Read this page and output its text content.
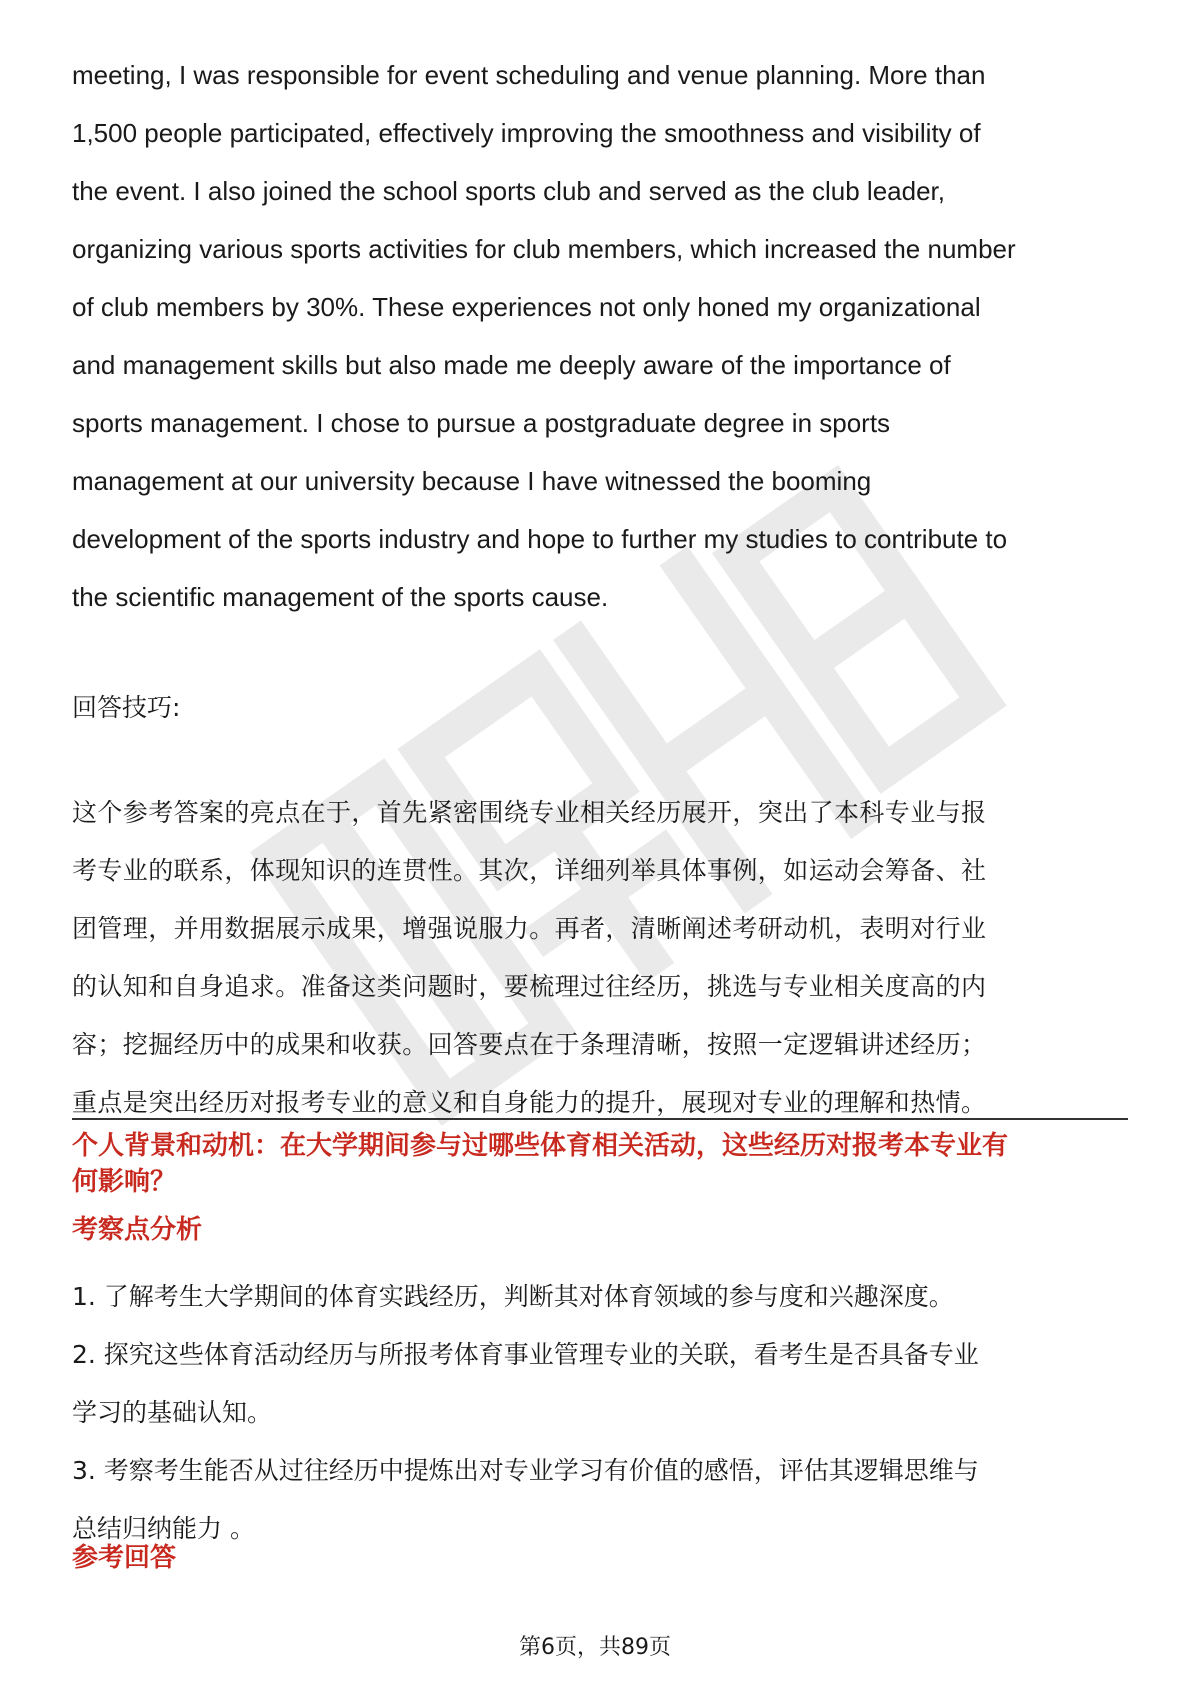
meeting, I was responsible for event scheduling and venue planning. More than
1,500 people participated, effectively improving the smoothness and visibility of
the event. I also joined the school sports club and served as the club leader,
organizing various sports activities for club members, which increased the number
of club members by 30%. These experiences not only honed my organizational
and management skills but also made me deeply aware of the importance of
sports management. I chose to pursue a postgraduate degree in sports
management at our university because I have witnessed the booming
development of the sports industry and hope to further my studies to contribute to
the scientific management of the sports cause.

回答技巧:

这个参考答案的亮点在于，首先紧密围绕专业相关经历展开，突出了本科专业与报
考专业的联系，体现知识的连贯性。其次，详细列举具体事例，如运动会筹备、社
团管理，并用数据展示成果，增强说服力。再者，清晰阐述考研动机，表明对行业
的认知和自身追求。准备这类问题时，要梳理过往经历，挑选与专业相关度高的内
容；挖掘经历中的成果和收获。回答要点在于条理清晰，按照一定逻辑讲述经历；
重点是突出经历对报考专业的意义和自身能力的提升，展现对专业的理解和热情。

个人背景和动机：在大学期间参与过哪些体育相关活动，这些经历对报考本专业有
何影响？
考察点分析
1. 了解考生大学期间的体育实践经历，判断其对体育领域的参与度和兴趣深度。
2. 探究这些体育活动经历与所报考体育事业管理专业的关联，看考生是否具备专业
学习的基础认知。
3. 考察考生能否从过往经历中提炼出对专业学习有价值的感悟，评估其逻辑思维与
总结归纳能力 。
参考回答
第6页，共89页
